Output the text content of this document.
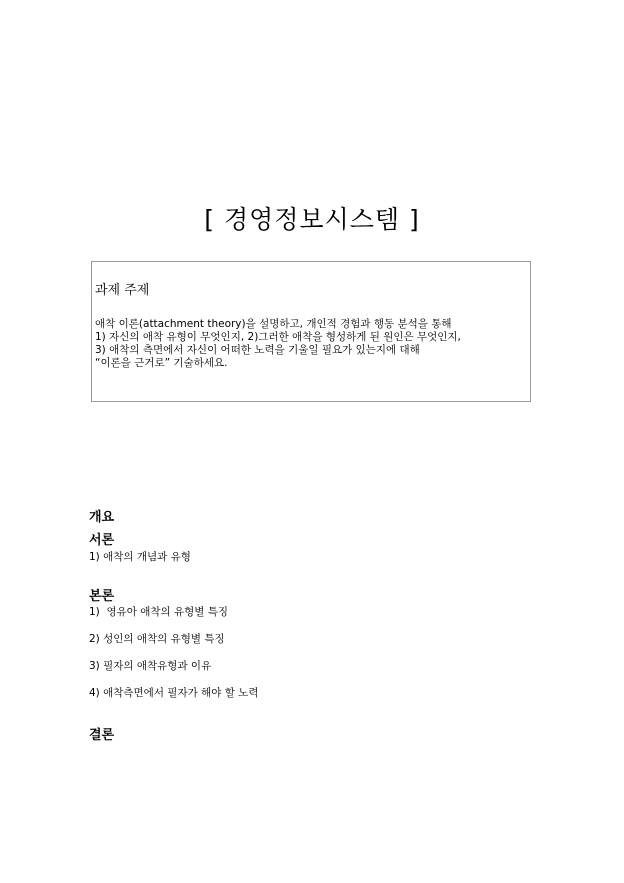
[ 경영정보시스템 ]
과제 주제
애착 이론(attachment theory)을 설명하고, 개인적 경험과 행동 분석을 통해
1) 자신의 애착 유형이 무엇인지, 2)그러한 애착을 형성하게 된 원인은 무엇인지,
3) 애착의 측면에서 자신이 어떠한 노력을 기울일 필요가 있는지에 대해
“이론을 근거로” 기술하세요.
개요
서론
1) 애착의 개념과 유형
본론
1)  영유아 애착의 유형별 특징
2) 성인의 애착의 유형별 특징
3) 필자의 애착유형과 이유
4) 애착측면에서 필자가 해야 할 노력
결론
